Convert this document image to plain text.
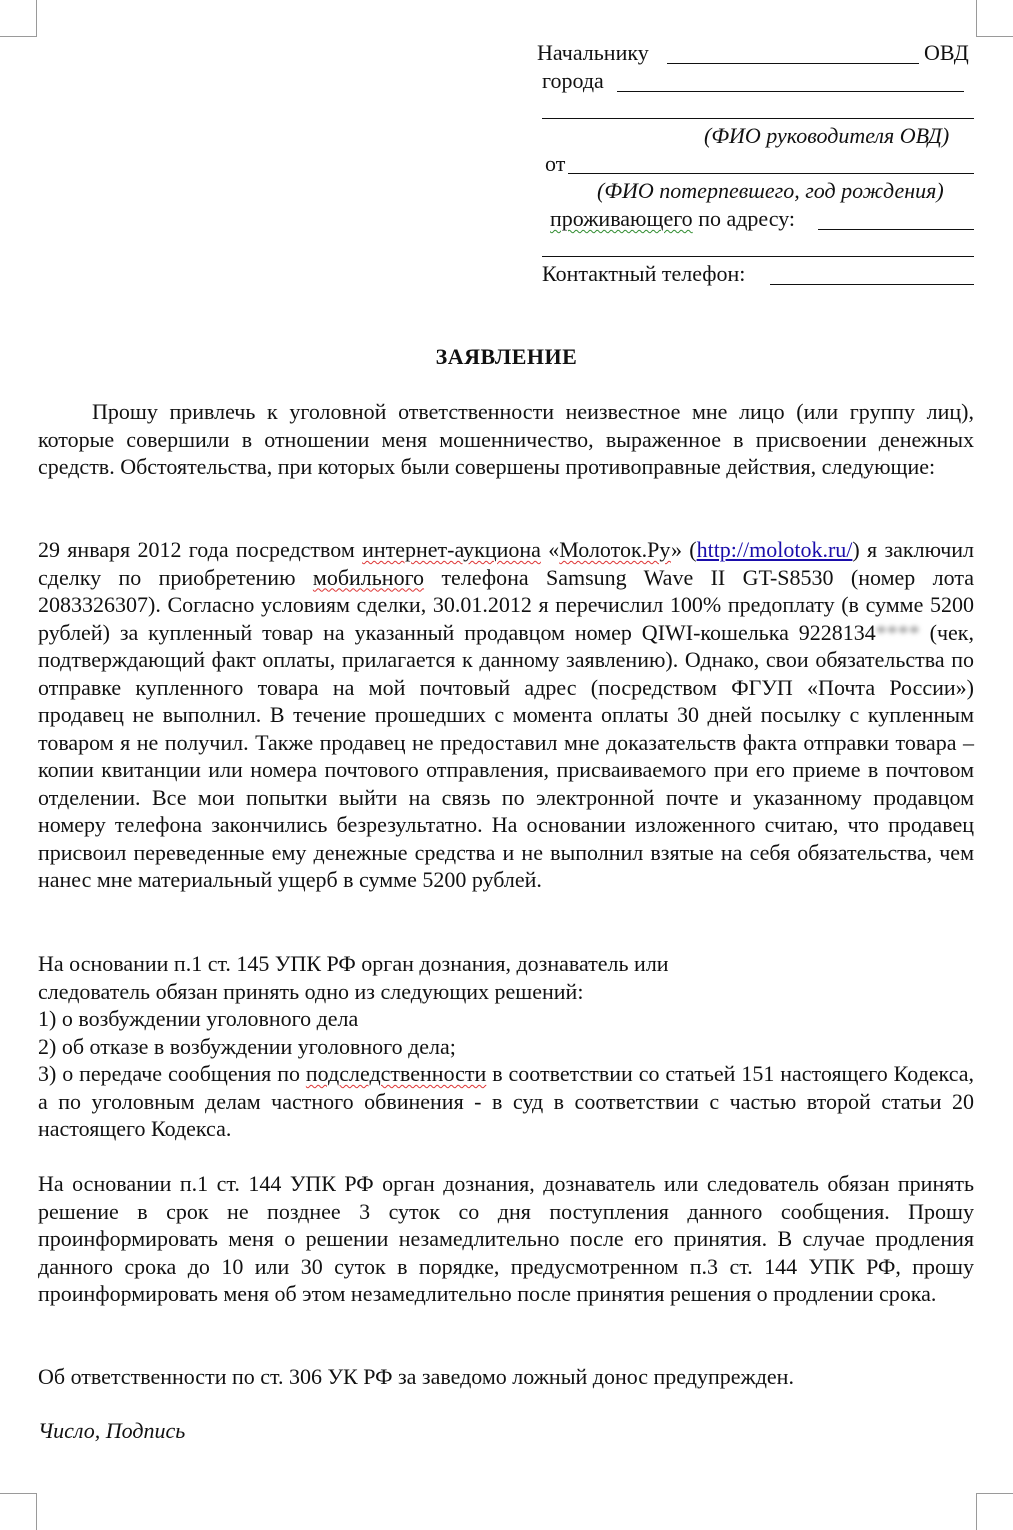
Начальнику	ОВД
города
(ФИО руководителя ОВД)
от
(ФИО потерпевшего, год рождения)
проживающего по адресу:
Контактный телефон:
ЗАЯВЛЕНИЕ

Прошу привлечь к уголовной ответственности неизвестное мне лицо (или группу лиц), которые совершили в отношении меня мошенничество, выраженное в присвоении денежных средств. Обстоятельства, при которых были совершены противоправные действия, следующие:

29 января 2012 года посредством интернет-аукциона «Молоток.Ру» (http://molotok.ru/) я заключил сделку по приобретению мобильного телефона Samsung Wave II GT-S8530 (номер лота 2083326307). Согласно условиям сделки, 30.01.2012 я перечислил 100% предоплату (в сумме 5200 рублей) за купленный товар на указанный продавцом номер QIWI-кошелька 9228134**** (чек, подтверждающий факт оплаты, прилагается к данному заявлению). Однако, свои обязательства по отправке купленного товара на мой почтовый адрес (посредством ФГУП «Почта России») продавец не выполнил. В течение прошедших с момента оплаты 30 дней посылку с купленным товаром я не получил. Также продавец не предоставил мне доказательств факта отправки товара – копии квитанции или номера почтового отправления, присваиваемого при его приеме в почтовом отделении. Все мои попытки выйти на связь по электронной почте и указанному продавцом номеру телефона закончились безрезультатно. На основании изложенного считаю, что продавец присвоил переведенные ему денежные средства и не выполнил взятые на себя обязательства, чем нанес мне материальный ущерб в сумме 5200 рублей.

На основании п.1 ст. 145 УПК РФ орган дознания, дознаватель или
следователь обязан принять одно из следующих решений:
1) о возбуждении уголовного дела
2) об отказе в возбуждении уголовного дела;
3) о передаче сообщения по подследственности в соответствии со статьей 151 настоящего Кодекса, а по уголовным делам частного обвинения - в суд в соответствии с частью второй статьи 20 настоящего Кодекса.

На основании п.1 ст. 144 УПК РФ орган дознания, дознаватель или следователь обязан принять решение в срок не позднее 3 суток со дня поступления данного сообщения. Прошу проинформировать меня о решении незамедлительно после его принятия. В случае продления данного срока до 10 или 30 суток в порядке, предусмотренном п.3 ст. 144 УПК РФ, прошу проинформировать меня об этом незамедлительно после принятия решения о продлении срока.

Об ответственности по ст. 306 УК РФ за заведомо ложный донос предупрежден.

Число, Подпись
